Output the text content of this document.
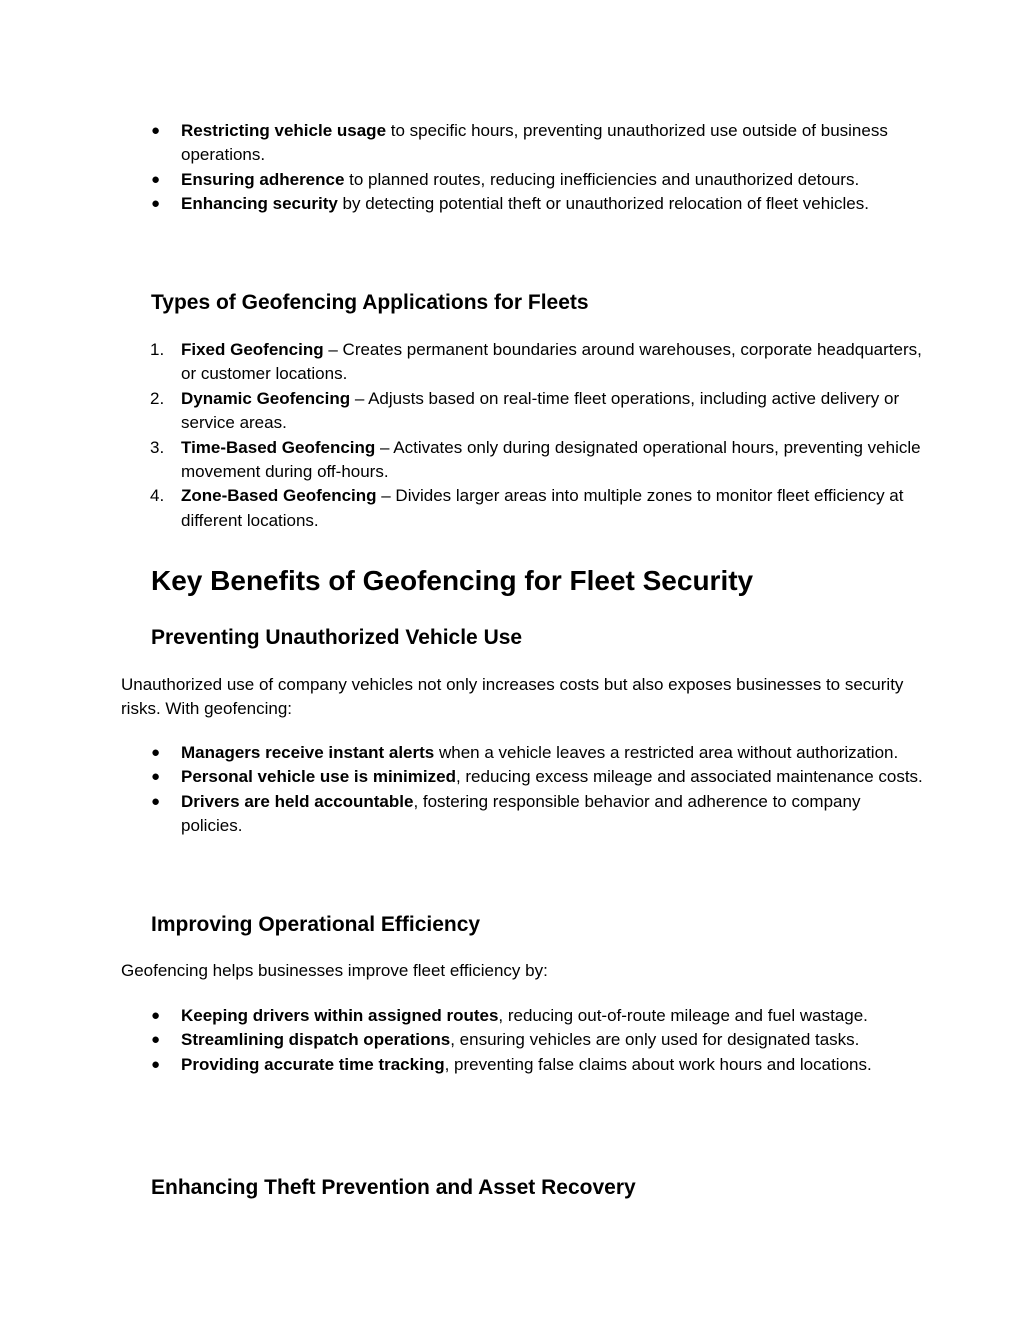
●	Restricting vehicle usage to specific hours, preventing unauthorized use outside of business operations.
●	Ensuring adherence to planned routes, reducing inefficiencies and unauthorized detours.
●	Enhancing security by detecting potential theft or unauthorized relocation of fleet vehicles.
Types of Geofencing Applications for Fleets
1. Fixed Geofencing – Creates permanent boundaries around warehouses, corporate headquarters, or customer locations.
2. Dynamic Geofencing – Adjusts based on real-time fleet operations, including active delivery or service areas.
3. Time-Based Geofencing – Activates only during designated operational hours, preventing vehicle movement during off-hours.
4. Zone-Based Geofencing – Divides larger areas into multiple zones to monitor fleet efficiency at different locations.
Key Benefits of Geofencing for Fleet Security
Preventing Unauthorized Vehicle Use

Unauthorized use of company vehicles not only increases costs but also exposes businesses to security risks. With geofencing:

●	Managers receive instant alerts when a vehicle leaves a restricted area without authorization.
●	Personal vehicle use is minimized, reducing excess mileage and associated maintenance costs.
●	Drivers are held accountable, fostering responsible behavior and adherence to company policies.
Improving Operational Efficiency

Geofencing helps businesses improve fleet efficiency by:

●	Keeping drivers within assigned routes, reducing out-of-route mileage and fuel wastage.
●	Streamlining dispatch operations, ensuring vehicles are only used for designated tasks.
●	Providing accurate time tracking, preventing false claims about work hours and locations.
Enhancing Theft Prevention and Asset Recovery
